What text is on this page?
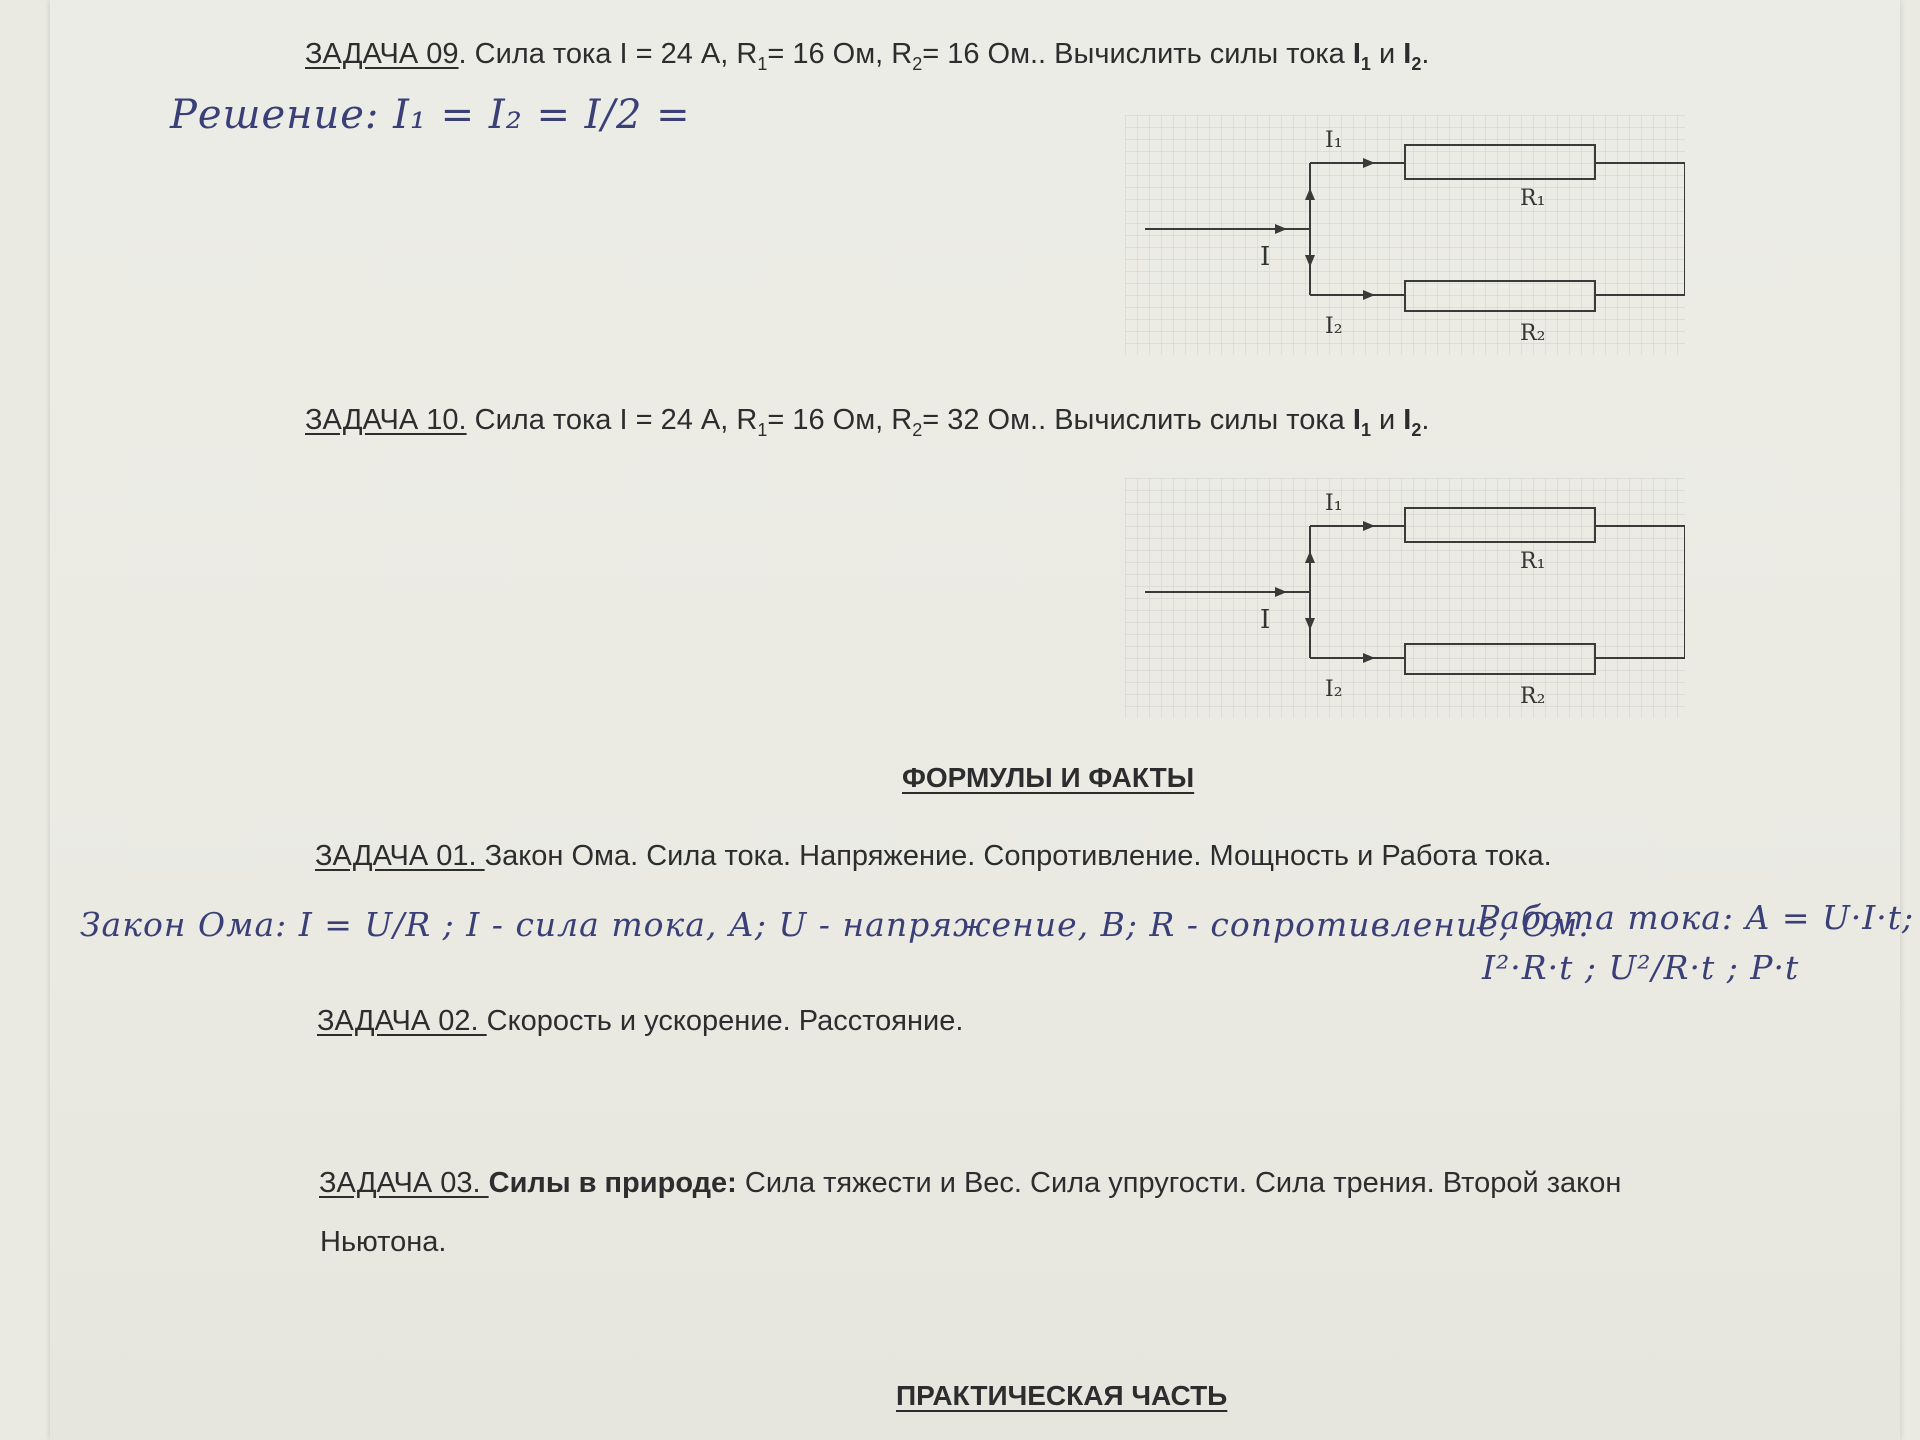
ЗАДАЧА 09. Сила тока I = 24 А, $R_1= 16$ Ом, $R_2= 16$ Ом.. Вычислить силы тока $I_1$ и $I_2$.
Решение: I₁ = I₂ = I/2 =
I
I₁
I₂
R₁
R₂
ЗАДАЧА 10. Сила тока I = 24 А, $R_1= 16$ Ом, $R_2= 32$ Ом.. Вычислить силы тока $I_1$ и $I_2$.
I
I₁
I₂
R₁
R₂
ФОРМУЛЫ И ФАКТЫ
ЗАДАЧА 01. Закон Ома. Сила тока. Напряжение. Сопротивление. Мощность и Работа тока.
Закон Ома: I = U/R ; I - сила тока, А; U - напряжение, В; R - сопротивление, Ом.
Работа тока: A = U·I·t;
I²·R·t ; U²/R·t ; P·t
ЗАДАЧА 02. Скорость и ускорение. Расстояние.
ЗАДАЧА 03. Силы в природе: Сила тяжести и Вес. Сила упругости. Сила трения. Второй закон
Ньютона.
ПРАКТИЧЕСКАЯ ЧАСТЬ
